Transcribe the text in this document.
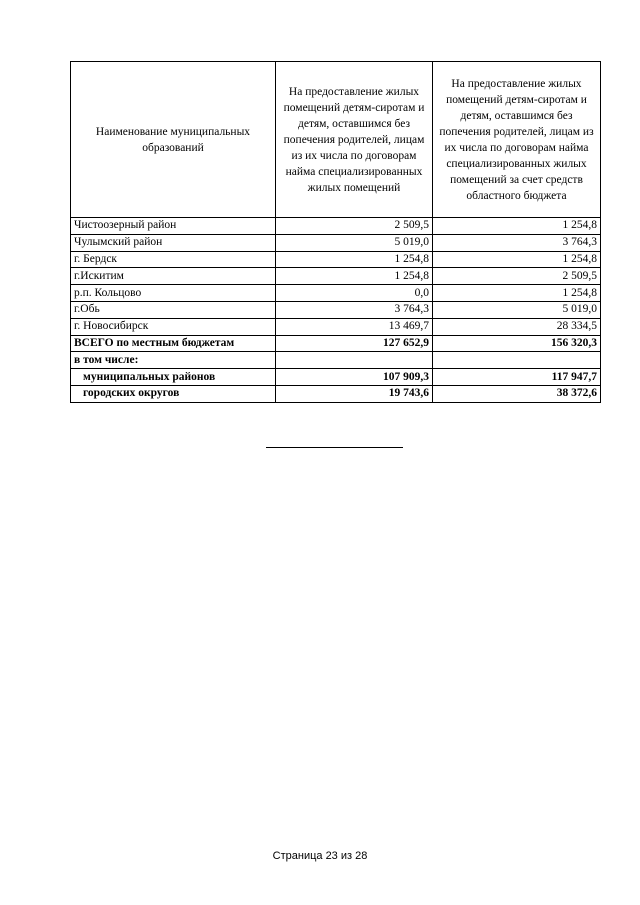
Наименование муниципальных образований	На предоставление жилых помещений детям-сиротам и детям, оставшимся без попечения родителей, лицам из их числа по договорам найма специализированных жилых помещений	На предоставление жилых помещений детям-сиротам и детям, оставшимся без попечения родителей, лицам из их числа по договорам найма специализированных жилых помещений за счет средств областного бюджета
Чистоозерный район	2 509,5	1 254,8
Чулымский район	5 019,0	3 764,3
г. Бердск	1 254,8	1 254,8
г.Искитим	1 254,8	2 509,5
р.п. Кольцово	0,0	1 254,8
г.Обь	3 764,3	5 019,0
г. Новосибирск	13 469,7	28 334,5
ВСЕГО по местным бюджетам	127 652,9	156 320,3
в том числе:		
муниципальных районов	107 909,3	117 947,7
городских округов	19 743,6	38 372,6
Страница 23 из 28
